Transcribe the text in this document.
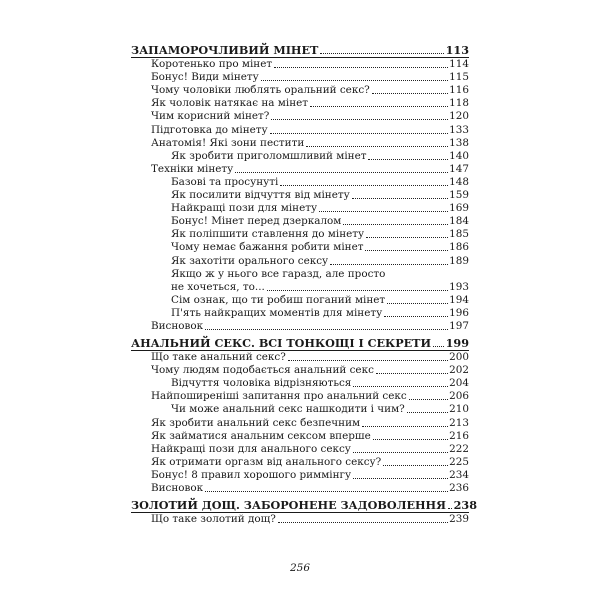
ЗАПАМОРОЧЛИВИЙ МІНЕТ	113
Коротенько про мінет	114
Бонус! Види мінету	115
Чому чоловіки люблять оральний секс?	116
Як чоловік натякає на мінет	118
Чим корисний мінет?	120
Підготовка до мінету	133
Анатомія! Які зони пестити	138
Як зробити приголомшливий мінет	140
Техніки мінету	147
Базові та просунуті	148
Як посилити відчуття від мінету	159
Найкращі пози для мінету	169
Бонус! Мінет перед дзеркалом	184
Як поліпшити ставлення до мінету	185
Чому немає бажання робити мінет	186
Як захотіти орального сексу	189
Якщо ж у нього все гаразд, але просто
не хочеться, то...	193
Сім ознак, що ти робиш поганий мінет	194
П'ять найкращих моментів для мінету	196
Висновок	197
АНАЛЬНИЙ СЕКС. ВСІ ТОНКОЩІ І СЕКРЕТИ 199
Що таке анальний секс?	200
Чому людям подобається анальний секс	202
Відчуття чоловіка відрізняються	204
Найпоширеніші запитання про анальний секс	206
Чи може анальний секс нашкодити і чим?	210
Як зробити анальний секс безпечним	213
Як займатися анальним сексом вперше	216
Найкращі пози для анального сексу	222
Як отримати оргазм від анального сексу?	225
Бонус! 8 правил хорошого риммінгу	234
Висновок	236
ЗОЛОТИЙ ДОЩ. ЗАБОРОНЕНЕ ЗАДОВОЛЕННЯ 238
Що таке золотий дощ?	239
256
